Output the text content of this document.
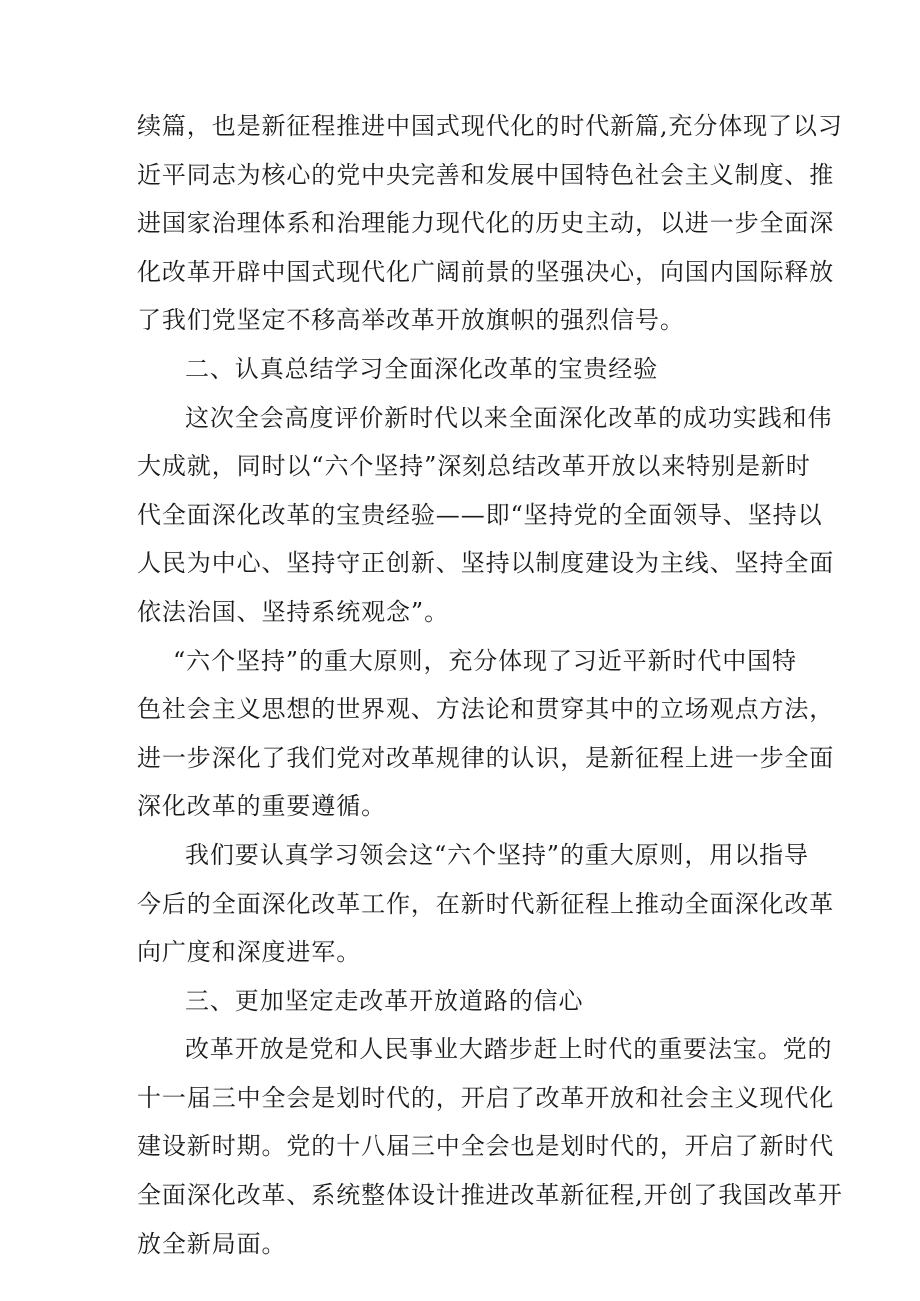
续篇，也是新征程推进中国式现代化的时代新篇,充分体现了以习
近平同志为核心的党中央完善和发展中国特色社会主义制度、推
进国家治理体系和治理能力现代化的历史主动，以进一步全面深
化改革开辟中国式现代化广阔前景的坚强决心，向国内国际释放
了我们党坚定不移高举改革开放旗帜的强烈信号。
二、认真总结学习全面深化改革的宝贵经验
这次全会高度评价新时代以来全面深化改革的成功实践和伟
大成就，同时以“六个坚持”深刻总结改革开放以来特别是新时
代全面深化改革的宝贵经验——即“坚持党的全面领导、坚持以
人民为中心、坚持守正创新、坚持以制度建设为主线、坚持全面
依法治国、坚持系统观念”。
“六个坚持”的重大原则，充分体现了习近平新时代中国特
色社会主义思想的世界观、方法论和贯穿其中的立场观点方法，
进一步深化了我们党对改革规律的认识，是新征程上进一步全面
深化改革的重要遵循。
我们要认真学习领会这“六个坚持”的重大原则，用以指导
今后的全面深化改革工作，在新时代新征程上推动全面深化改革
向广度和深度进军。
三、更加坚定走改革开放道路的信心
改革开放是党和人民事业大踏步赶上时代的重要法宝。党的
十一届三中全会是划时代的，开启了改革开放和社会主义现代化
建设新时期。党的十八届三中全会也是划时代的，开启了新时代
全面深化改革、系统整体设计推进改革新征程,开创了我国改革开
放全新局面。
